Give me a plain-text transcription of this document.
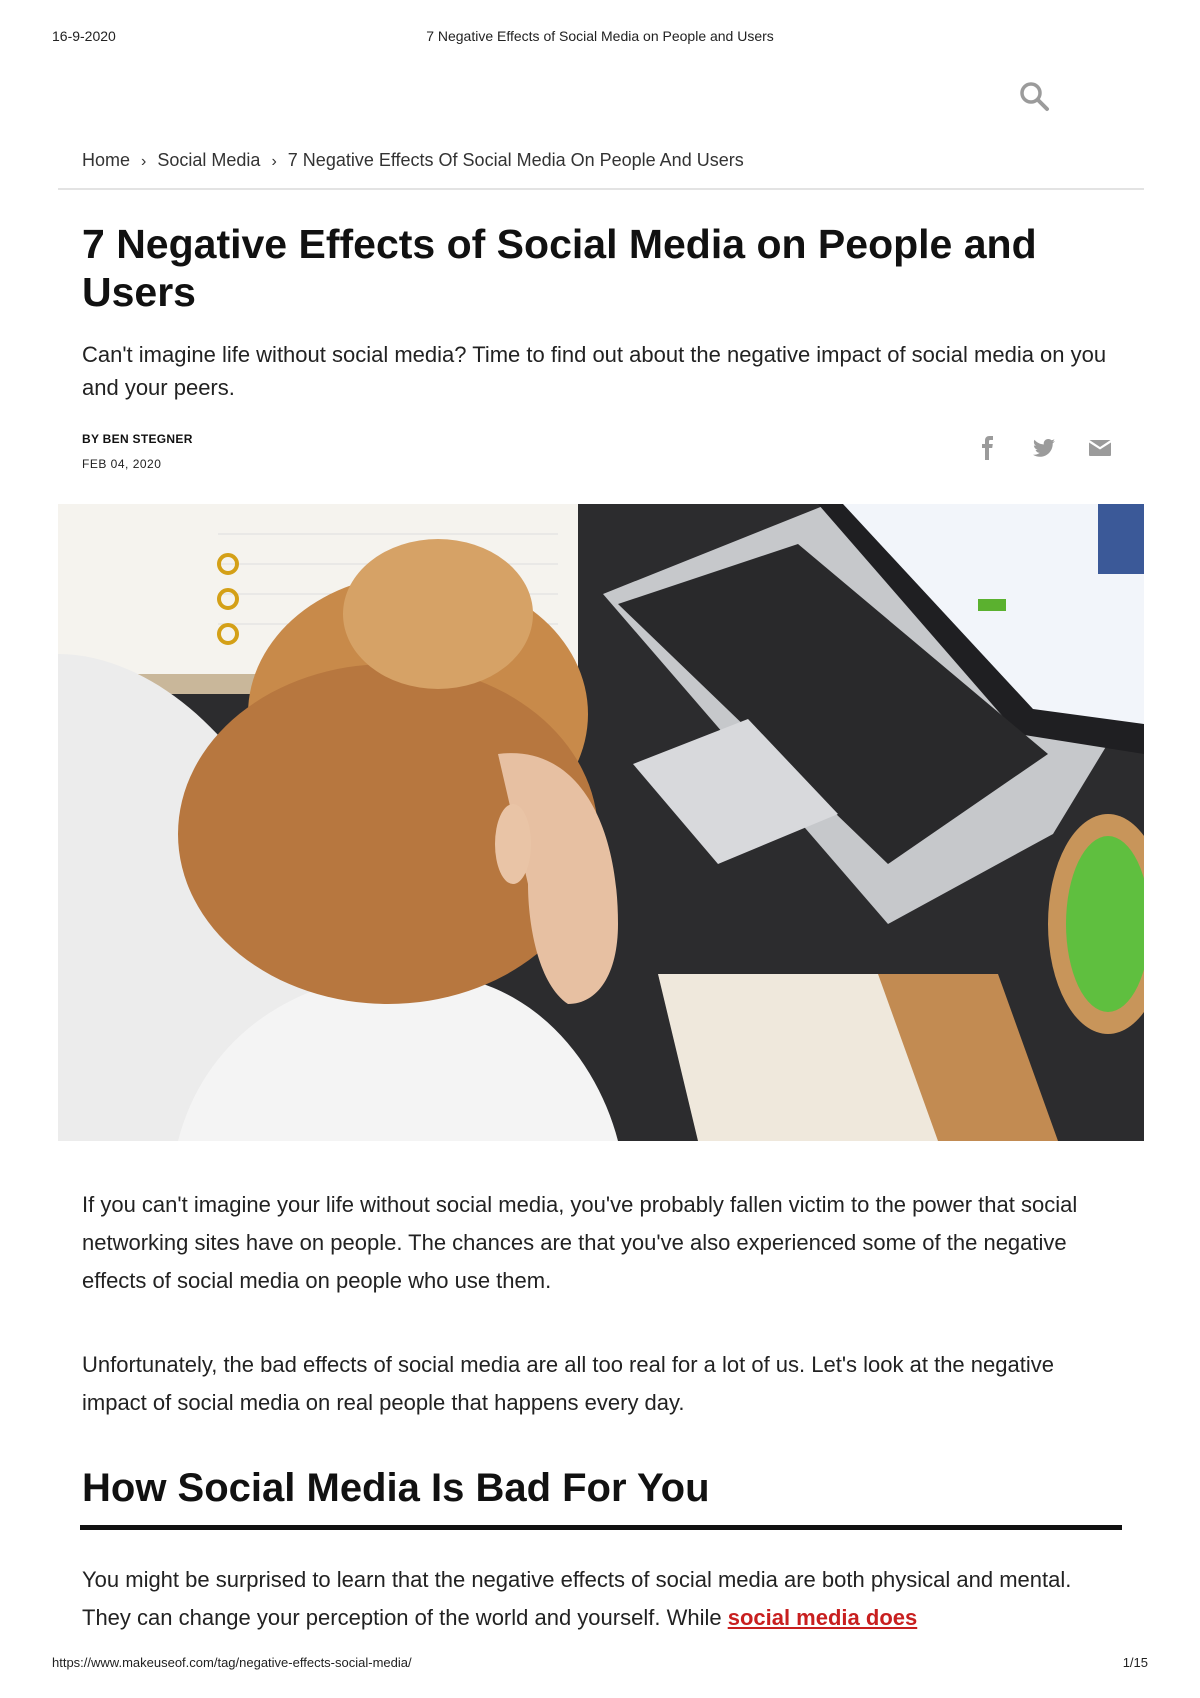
16-9-2020	7 Negative Effects of Social Media on People and Users
Home › Social Media › 7 Negative Effects Of Social Media On People And Users
7 Negative Effects of Social Media on People and Users

Can't imagine life without social media? Time to find out about the negative impact of social media on you and your peers.

BY BEN STEGNER
FEB 04, 2020

If you can't imagine your life without social media, you've probably fallen victim to the power that social networking sites have on people. The chances are that you've also experienced some of the negative effects of social media on people who use them.

Unfortunately, the bad effects of social media are all too real for a lot of us. Let's look at the negative impact of social media on real people that happens every day.

How Social Media Is Bad For You

You might be surprised to learn that the negative effects of social media are both physical and mental. They can change your perception of the world and yourself. While social media does

https://www.makeuseof.com/tag/negative-effects-social-media/	1/15
